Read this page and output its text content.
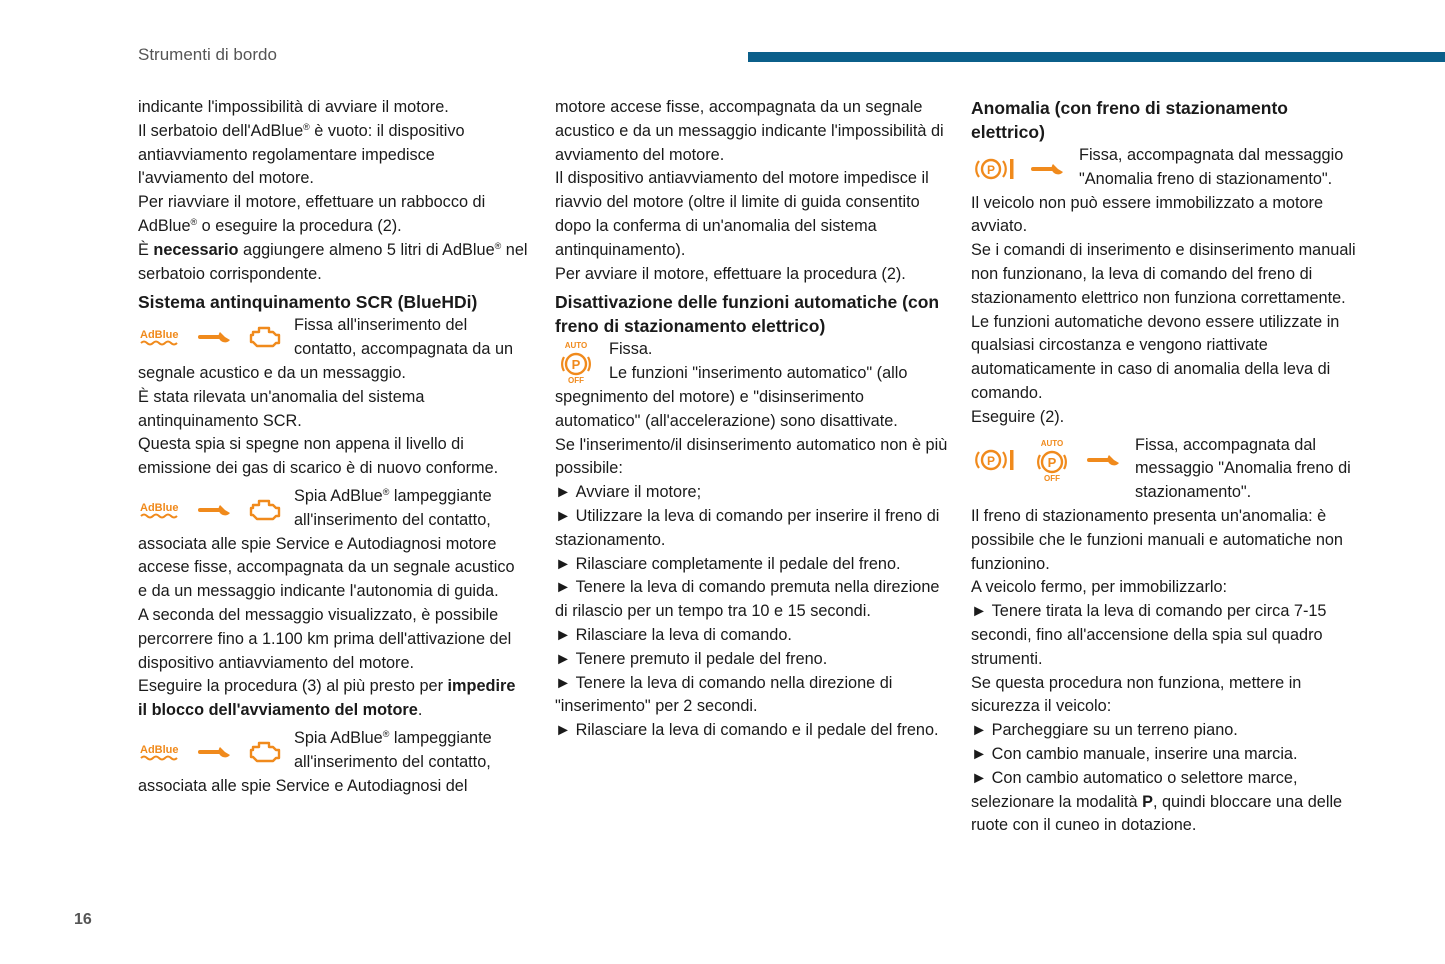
Strumenti di bordo
16

indicante l'impossibilità di avviare il motore.

Il serbatoio dell'AdBlue® è vuoto: il dispositivo antiavviamento regolamentare impedisce l'avviamento del motore.

Per riavviare il motore, effettuare un rabbocco di AdBlue® o eseguire la procedura (2).

È necessario aggiungere almeno 5 litri di AdBlue® nel serbatoio corrispondente.

Sistema antinquinamento SCR (BlueHDi)

AdBlue

Fissa all'inserimento del contatto, accompagnata da un segnale acustico e da un messaggio.

È stata rilevata un'anomalia del sistema antinquinamento SCR.

Questa spia si spegne non appena il livello di emissione dei gas di scarico è di nuovo conforme.

AdBlue

Spia AdBlue® lampeggiante all'inserimento del contatto, associata alle spie Service e Autodiagnosi motore accese fisse, accompagnata da un segnale acustico e da un messaggio indicante l'autonomia di guida.

A seconda del messaggio visualizzato, è possibile percorrere fino a 1.100 km prima dell'attivazione del dispositivo antiavviamento del motore.

Eseguire la procedura (3) al più presto per impedire il blocco dell'avviamento del motore.

AdBlue

Spia AdBlue® lampeggiante all'inserimento del contatto, associata alle spie Service e Autodiagnosi del

motore accese fisse, accompagnata da un segnale acustico e da un messaggio indicante l'impossibilità di avviamento del motore.

Il dispositivo antiavviamento del motore impedisce il riavvio del motore (oltre il limite di guida consentito dopo la conferma di un'anomalia del sistema antinquinamento).

Per avviare il motore, effettuare la procedura (2).

Disattivazione delle funzioni automatiche (con freno di stazionamento elettrico)

AUTO
P
OFF

Fissa.

Le funzioni "inserimento automatico" (allo spegnimento del motore) e "disinserimento automatico" (all'accelerazione) sono disattivate.

Se l'inserimento/il disinserimento automatico non è più possibile:

► Avviare il motore;

► Utilizzare la leva di comando per inserire il freno di stazionamento.

► Rilasciare completamente il pedale del freno.

► Tenere la leva di comando premuta nella direzione di rilascio per un tempo tra 10 e 15 secondi.

► Rilasciare la leva di comando.

► Tenere premuto il pedale del freno.

► Tenere la leva di comando nella direzione di "inserimento" per 2 secondi.

► Rilasciare la leva di comando e il pedale del freno.

Anomalia (con freno di stazionamento elettrico)

P

Fissa, accompagnata dal messaggio "Anomalia freno di stazionamento".

Il veicolo non può essere immobilizzato a motore avviato.

Se i comandi di inserimento e disinserimento manuali non funzionano, la leva di comando del freno di stazionamento elettrico non funziona correttamente.

Le funzioni automatiche devono essere utilizzate in qualsiasi circostanza e vengono riattivate automaticamente in caso di anomalia della leva di comando.

Eseguire (2).

P
AUTO
P
OFF

Fissa, accompagnata dal messaggio "Anomalia freno di stazionamento".

Il freno di stazionamento presenta un'anomalia: è possibile che le funzioni manuali e automatiche non funzionino.

A veicolo fermo, per immobilizzarlo:

► Tenere tirata la leva di comando per circa 7-15 secondi, fino all'accensione della spia sul quadro strumenti.

Se questa procedura non funziona, mettere in sicurezza il veicolo:

► Parcheggiare su un terreno piano.

► Con cambio manuale, inserire una marcia.

► Con cambio automatico o selettore marce, selezionare la modalità P, quindi bloccare una delle ruote con il cuneo in dotazione.
